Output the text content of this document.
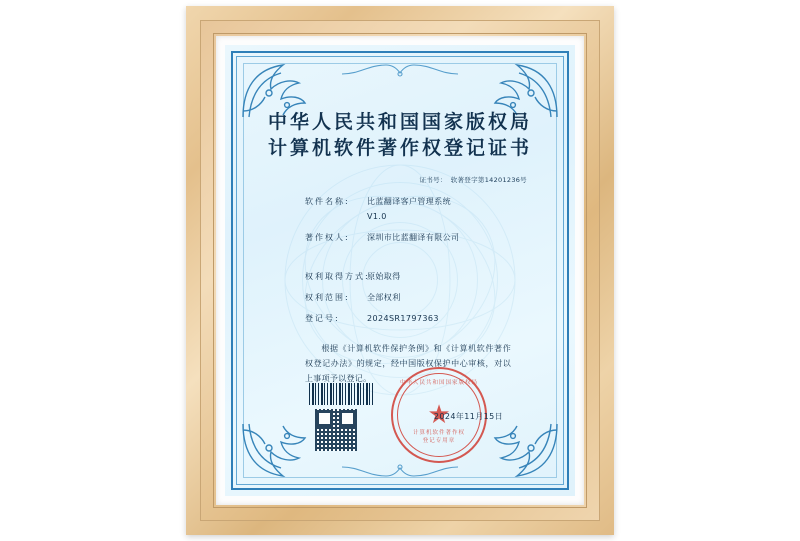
中华人民共和国国家版权局
计算机软件著作权登记证书
证书号： 软著登字第14201236号
软件名称:	比蓝翻译客户管理系统
V1.0
著作权人:	深圳市比蓝翻译有限公司
权利取得方式:
原始取得
权利范围:	全部权利
登记号:	2024SR1797363
根据《计算机软件保护条例》和《计算机软件著作权登记办法》的规定，经中国版权保护中心审核，对以上事项予以登记。	中华人民共和国国家版权局
★
计算机软件著作权
登记专用章
2024年11月15日
